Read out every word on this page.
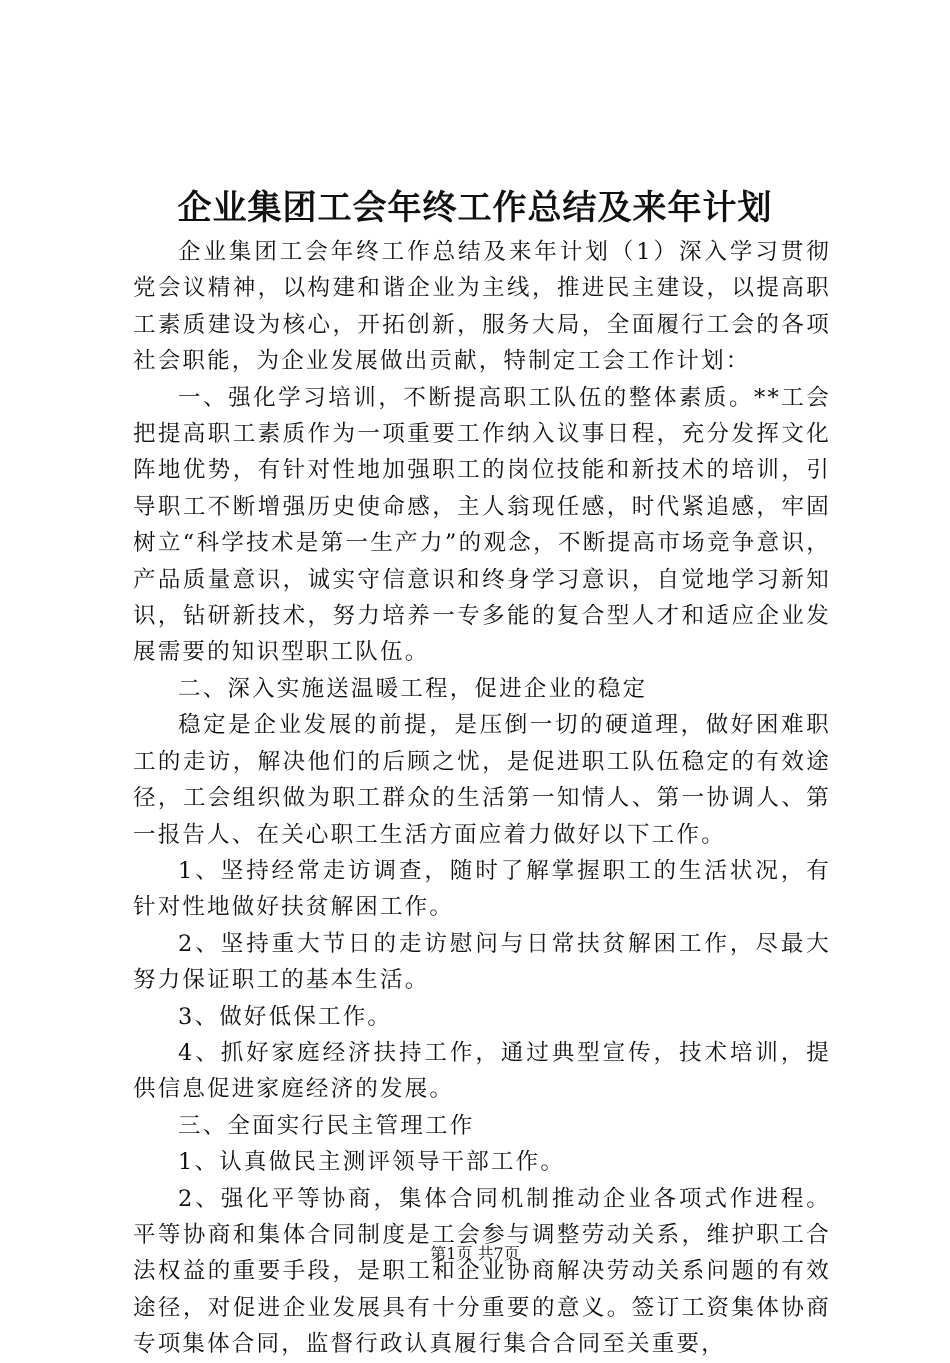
企业集团工会年终工作总结及来年计划

企业集团工会年终工作总结及来年计划（1）深入学习贯彻党会议精神，以构建和谐企业为主线，推进民主建设，以提高职工素质建设为核心，开拓创新，服务大局，全面履行工会的各项社会职能，为企业发展做出贡献，特制定工会工作计划：

一、强化学习培训，不断提高职工队伍的整体素质。**工会把提高职工素质作为一项重要工作纳入议事日程，充分发挥文化阵地优势，有针对性地加强职工的岗位技能和新技术的培训，引导职工不断增强历史使命感，主人翁现任感，时代紧追感，牢固树立“科学技术是第一生产力”的观念，不断提高市场竞争意识，产品质量意识，诚实守信意识和终身学习意识，自觉地学习新知识，钻研新技术，努力培养一专多能的复合型人才和适应企业发展需要的知识型职工队伍。

二、深入实施送温暖工程，促进企业的稳定

稳定是企业发展的前提，是压倒一切的硬道理，做好困难职工的走访，解决他们的后顾之忧，是促进职工队伍稳定的有效途径，工会组织做为职工群众的生活第一知情人、第一协调人、第一报告人、在关心职工生活方面应着力做好以下工作。

1、坚持经常走访调查，随时了解掌握职工的生活状况，有针对性地做好扶贫解困工作。

2、坚持重大节日的走访慰问与日常扶贫解困工作，尽最大努力保证职工的基本生活。

3、做好低保工作。

4、抓好家庭经济扶持工作，通过典型宣传，技术培训，提供信息促进家庭经济的发展。

三、全面实行民主管理工作

1、认真做民主测评领导干部工作。

2、强化平等协商，集体合同机制推动企业各项式作进程。平等协商和集体合同制度是工会参与调整劳动关系，维护职工合法权益的重要手段，是职工和企业协商解决劳动关系问题的有效途径，对促进企业发展具有十分重要的意义。签订工资集体协商专项集体合同，监督行政认真履行集合合同至关重要，

第1页 共7页
